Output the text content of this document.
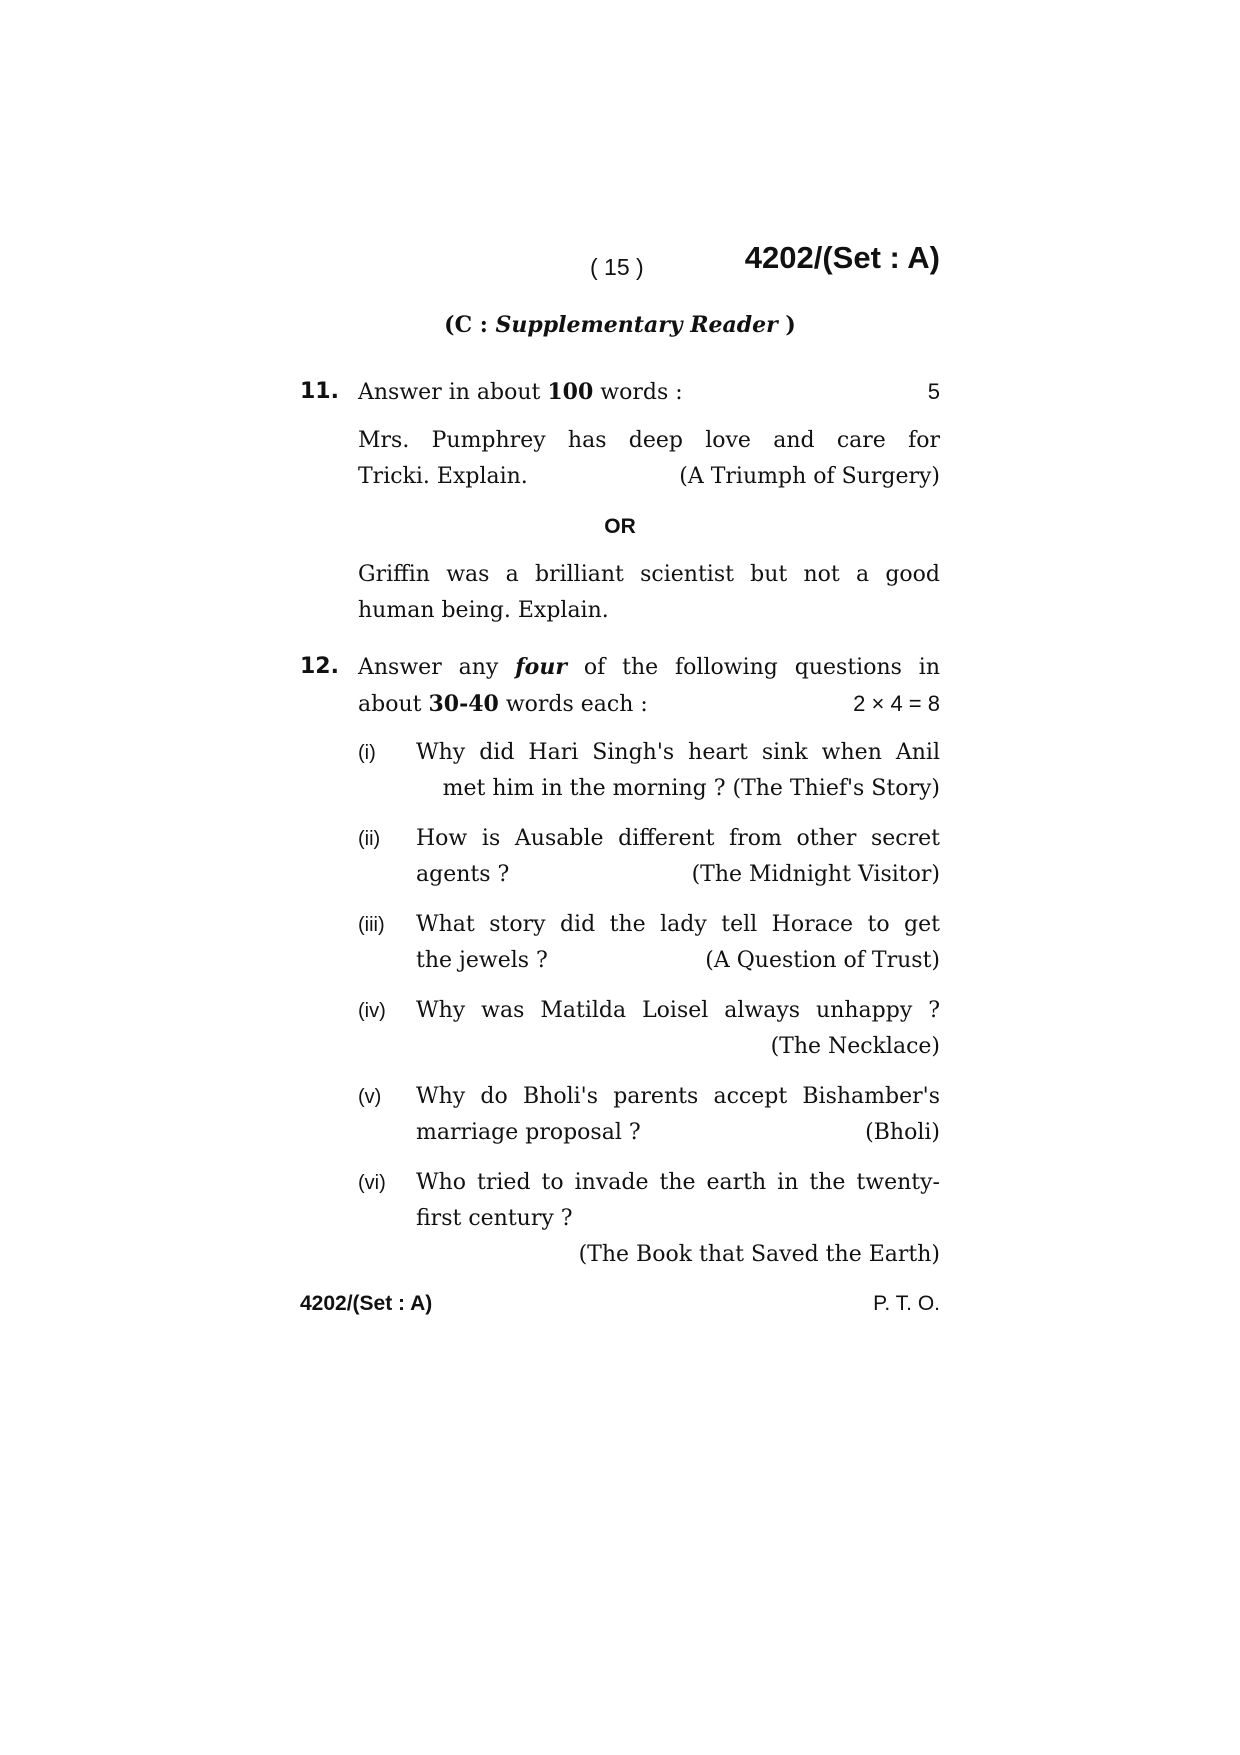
( 15 )	4202/(Set : A)
(C : Supplementary Reader )
11. Answer in about 100 words :	5
Mrs. Pumphrey has deep love and care for
Tricki. Explain.	(A Triumph of Surgery)
OR
Griffin was a brilliant scientist but not a good
human being. Explain.
12. Answer any four of the following questions in
about 30-40 words each :	2 × 4 = 8
(i) Why did Hari Singh's heart sink when Anil
met him in the morning ? (The Thief's Story)
(ii) How is Ausable different from other secret
agents ?	(The Midnight Visitor)
(iii) What story did the lady tell Horace to get
the jewels ?	(A Question of Trust)
(iv) Why was Matilda Loisel always unhappy ?
(The Necklace)
(v) Why do Bholi's parents accept Bishamber's
marriage proposal ?	(Bholi)
(vi) Who tried to invade the earth in the twenty-
first century ?
(The Book that Saved the Earth)
4202/(Set : A)	P. T. O.
